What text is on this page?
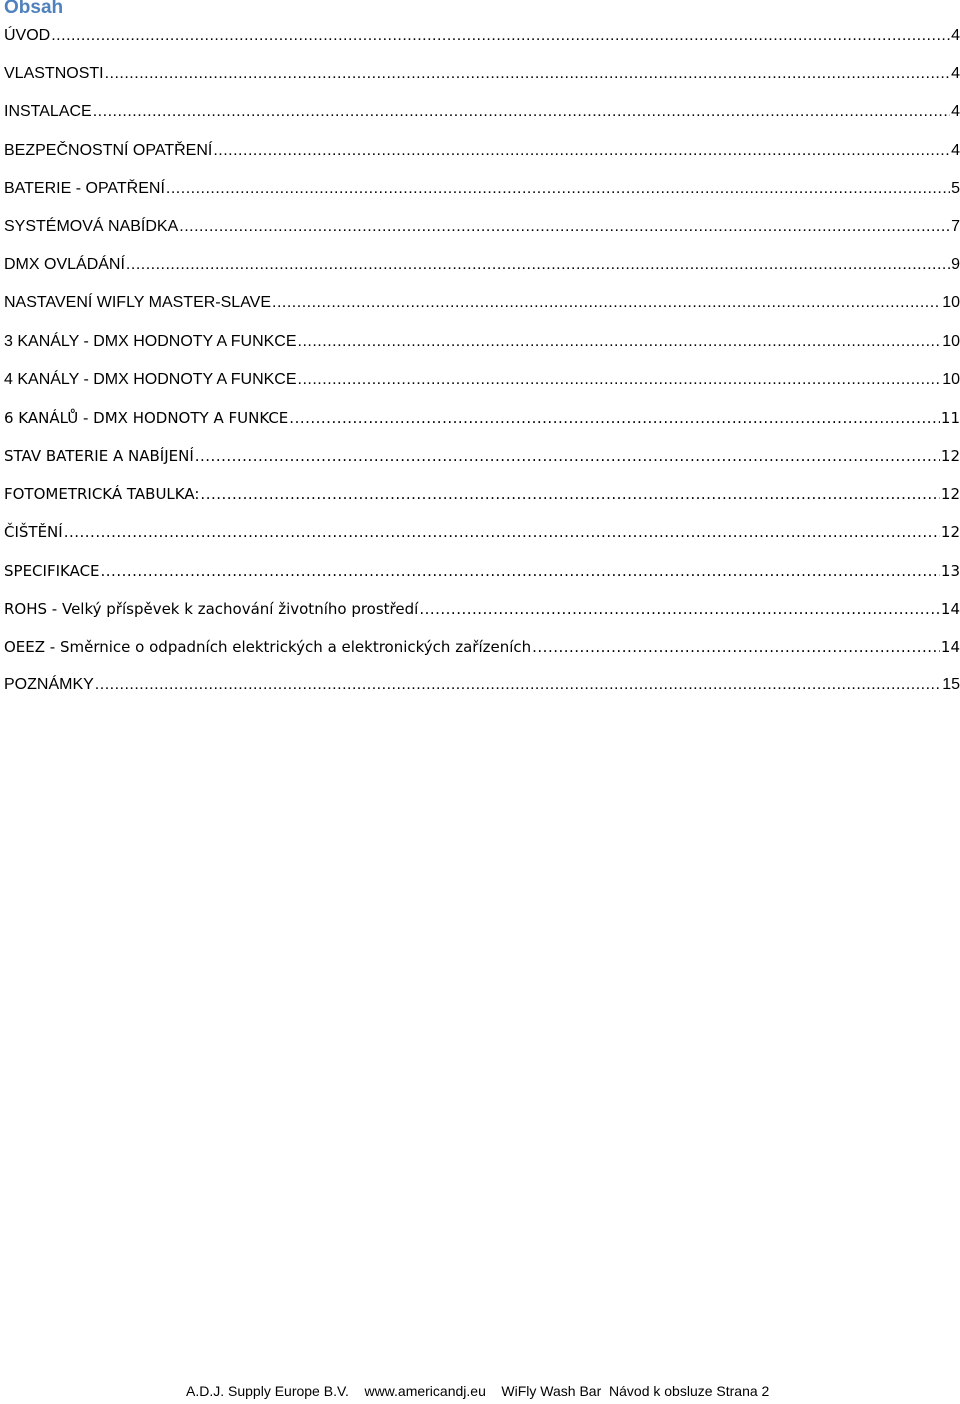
Obsah
ÚVOD .....	4
VLASTNOSTI .....	4
INSTALACE .....	4
BEZPEČNOSTNÍ OPATŘENÍ .....	4
BATERIE - OPATŘENÍ .....	5
SYSTÉMOVÁ NABÍDKA .....	7
DMX OVLÁDÁNÍ .....	9
NASTAVENÍ WIFLY MASTER-SLAVE .....	10
3 KANÁLY - DMX HODNOTY A FUNKCE .....	10
4 KANÁLY - DMX HODNOTY A FUNKCE .....	10
6 KANÁLŮ - DMX HODNOTY A FUNKCE .....	11
STAV BATERIE A NABÍJENÍ .....	12
FOTOMETRICKÁ TABULKA: .....	12
ČIŠTĚNÍ .....	12
SPECIFIKACE .....	13
ROHS - Velký příspěvek k zachování životního prostředí .....	14
OEEZ - Směrnice o odpadních elektrických a elektronických zařízeních .....	14
POZNÁMKY .....	15
A.D.J. Supply Europe B.V.    www.americandj.eu    WiFly Wash Bar  Návod k obsluze Strana 2
